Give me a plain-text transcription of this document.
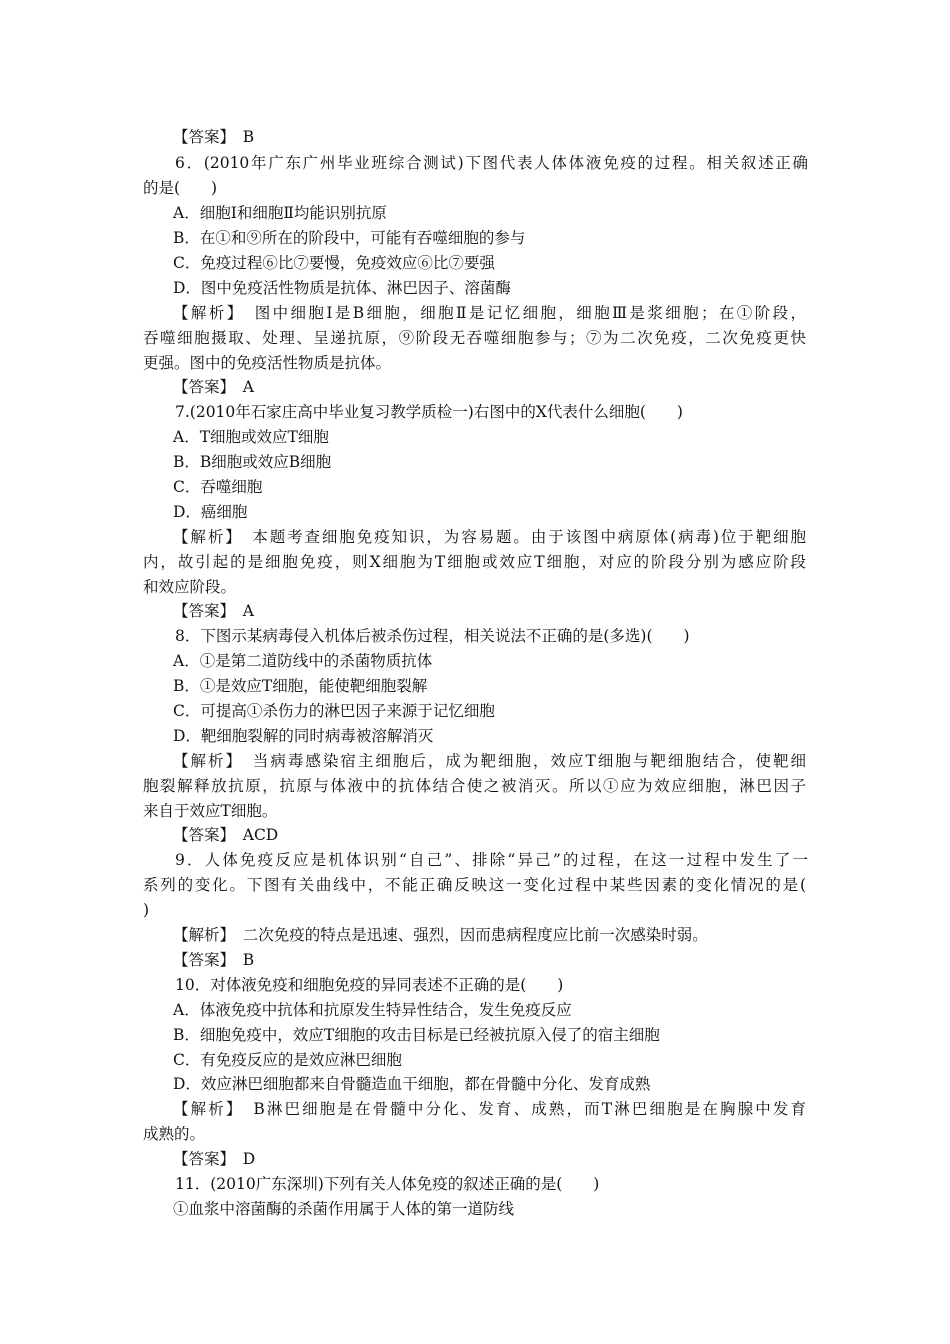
【答案】　B
6．(2010年广东广州毕业班综合测试)下图代表人体体液免疫的过程。相关叙述正确
的是(　　)
A．细胞Ⅰ和细胞Ⅱ均能识别抗原
B．在①和⑨所在的阶段中，可能有吞噬细胞的参与
C．免疫过程⑥比⑦要慢，免疫效应⑥比⑦要强
D．图中免疫活性物质是抗体、淋巴因子、溶菌酶
【解析】　图中细胞Ⅰ是B细胞，细胞Ⅱ是记忆细胞，细胞Ⅲ是浆细胞；在①阶段，
吞噬细胞摄取、处理、呈递抗原，⑨阶段无吞噬细胞参与；⑦为二次免疫，二次免疫更快
更强。图中的免疫活性物质是抗体。
【答案】　A
7.(2010年石家庄高中毕业复习教学质检一)右图中的X代表什么细胞(　　)
A．T细胞或效应T细胞
B．B细胞或效应B细胞
C．吞噬细胞
D．癌细胞
【解析】　本题考查细胞免疫知识，为容易题。由于该图中病原体(病毒)位于靶细胞
内，故引起的是细胞免疫，则X细胞为T细胞或效应T细胞，对应的阶段分别为感应阶段
和效应阶段。
【答案】　A
8．下图示某病毒侵入机体后被杀伤过程，相关说法不正确的是(多选)(　　)
A．①是第二道防线中的杀菌物质抗体
B．①是效应T细胞，能使靶细胞裂解
C．可提高①杀伤力的淋巴因子来源于记忆细胞
D．靶细胞裂解的同时病毒被溶解消灭
【解析】　当病毒感染宿主细胞后，成为靶细胞，效应T细胞与靶细胞结合，使靶细
胞裂解释放抗原，抗原与体液中的抗体结合使之被消灭。所以①应为效应细胞，淋巴因子
来自于效应T细胞。
【答案】　ACD
9．人体免疫反应是机体识别“自己”、排除“异己”的过程，在这一过程中发生了一
系列的变化。下图有关曲线中，不能正确反映这一变化过程中某些因素的变化情况的是(
)
【解析】　二次免疫的特点是迅速、强烈，因而患病程度应比前一次感染时弱。
【答案】　B
10．对体液免疫和细胞免疫的异同表述不正确的是(　　)
A．体液免疫中抗体和抗原发生特异性结合，发生免疫反应
B．细胞免疫中，效应T细胞的攻击目标是已经被抗原入侵了的宿主细胞
C．有免疫反应的是效应淋巴细胞
D．效应淋巴细胞都来自骨髓造血干细胞，都在骨髓中分化、发育成熟
【解析】　B淋巴细胞是在骨髓中分化、发育、成熟，而T淋巴细胞是在胸腺中发育
成熟的。
【答案】　D
11．(2010广东深圳)下列有关人体免疫的叙述正确的是(　　)
①血浆中溶菌酶的杀菌作用属于人体的第一道防线
